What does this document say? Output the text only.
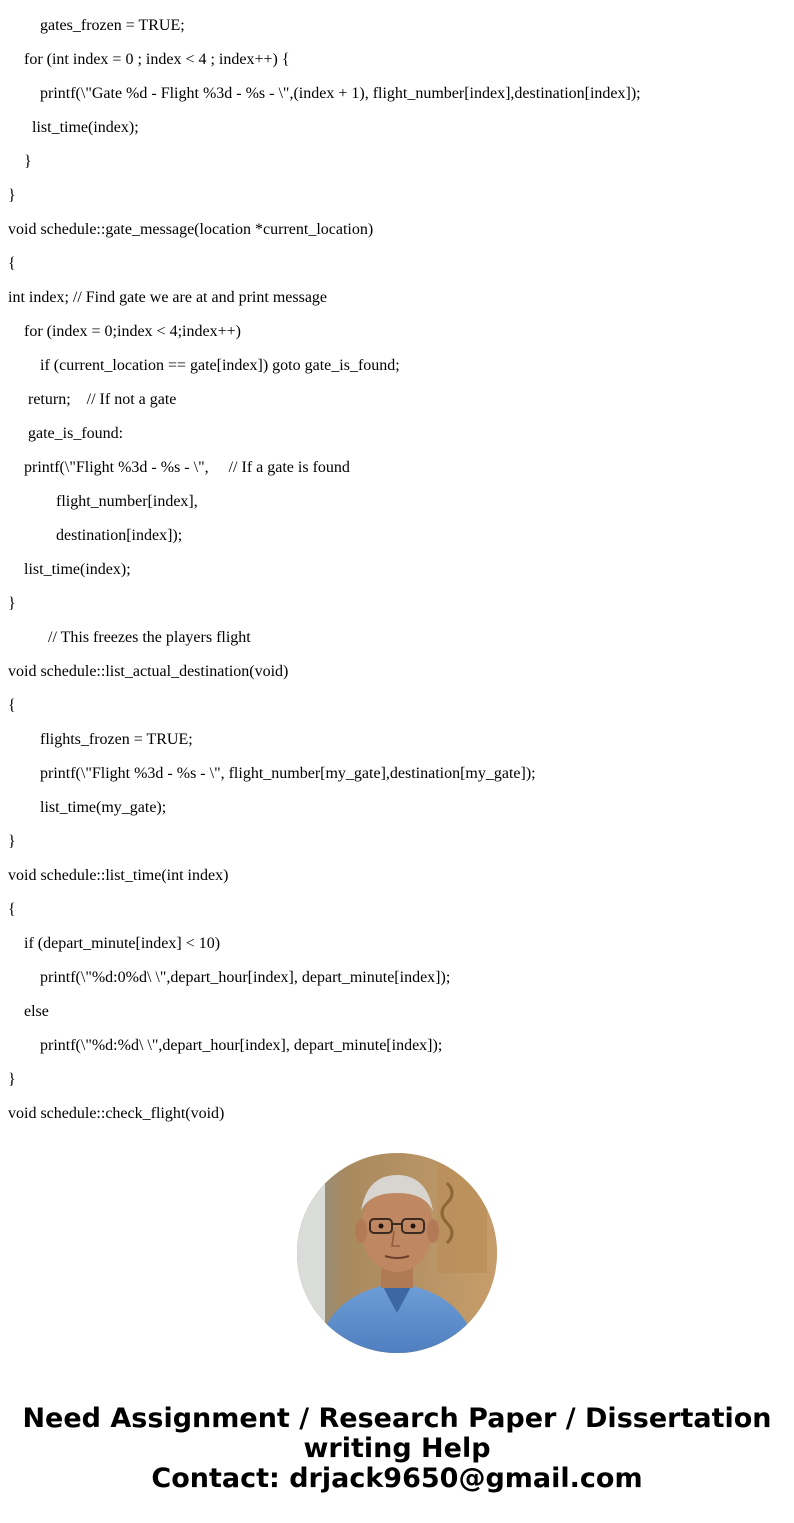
gates_frozen = TRUE;
for (int index = 0 ; index < 4 ; index++) {
printf(\"Gate %d - Flight %3d - %s - \",(index + 1), flight_number[index],destination[index]);
list_time(index);
}
}
void schedule::gate_message(location *current_location)
{
int index; // Find gate we are at and print message
for (index = 0;index < 4;index++)
if (current_location == gate[index]) goto gate_is_found;
return;    // If not a gate
gate_is_found:
printf(\"Flight %3d - %s - \",     // If a gate is found
flight_number[index],
destination[index]);
list_time(index);
}
// This freezes the players flight
void schedule::list_actual_destination(void)
{
flights_frozen = TRUE;
printf(\"Flight %3d - %s - \", flight_number[my_gate],destination[my_gate]);
list_time(my_gate);
}
void schedule::list_time(int index)
{
if (depart_minute[index] < 10)
printf(\"%d:0%d\ \",depart_hour[index], depart_minute[index]);
else
printf(\"%d:%d\ \",depart_hour[index], depart_minute[index]);
}
void schedule::check_flight(void)
Need Assignment / Research Paper / Dissertation
writing Help
Contact: drjack9650@gmail.com
